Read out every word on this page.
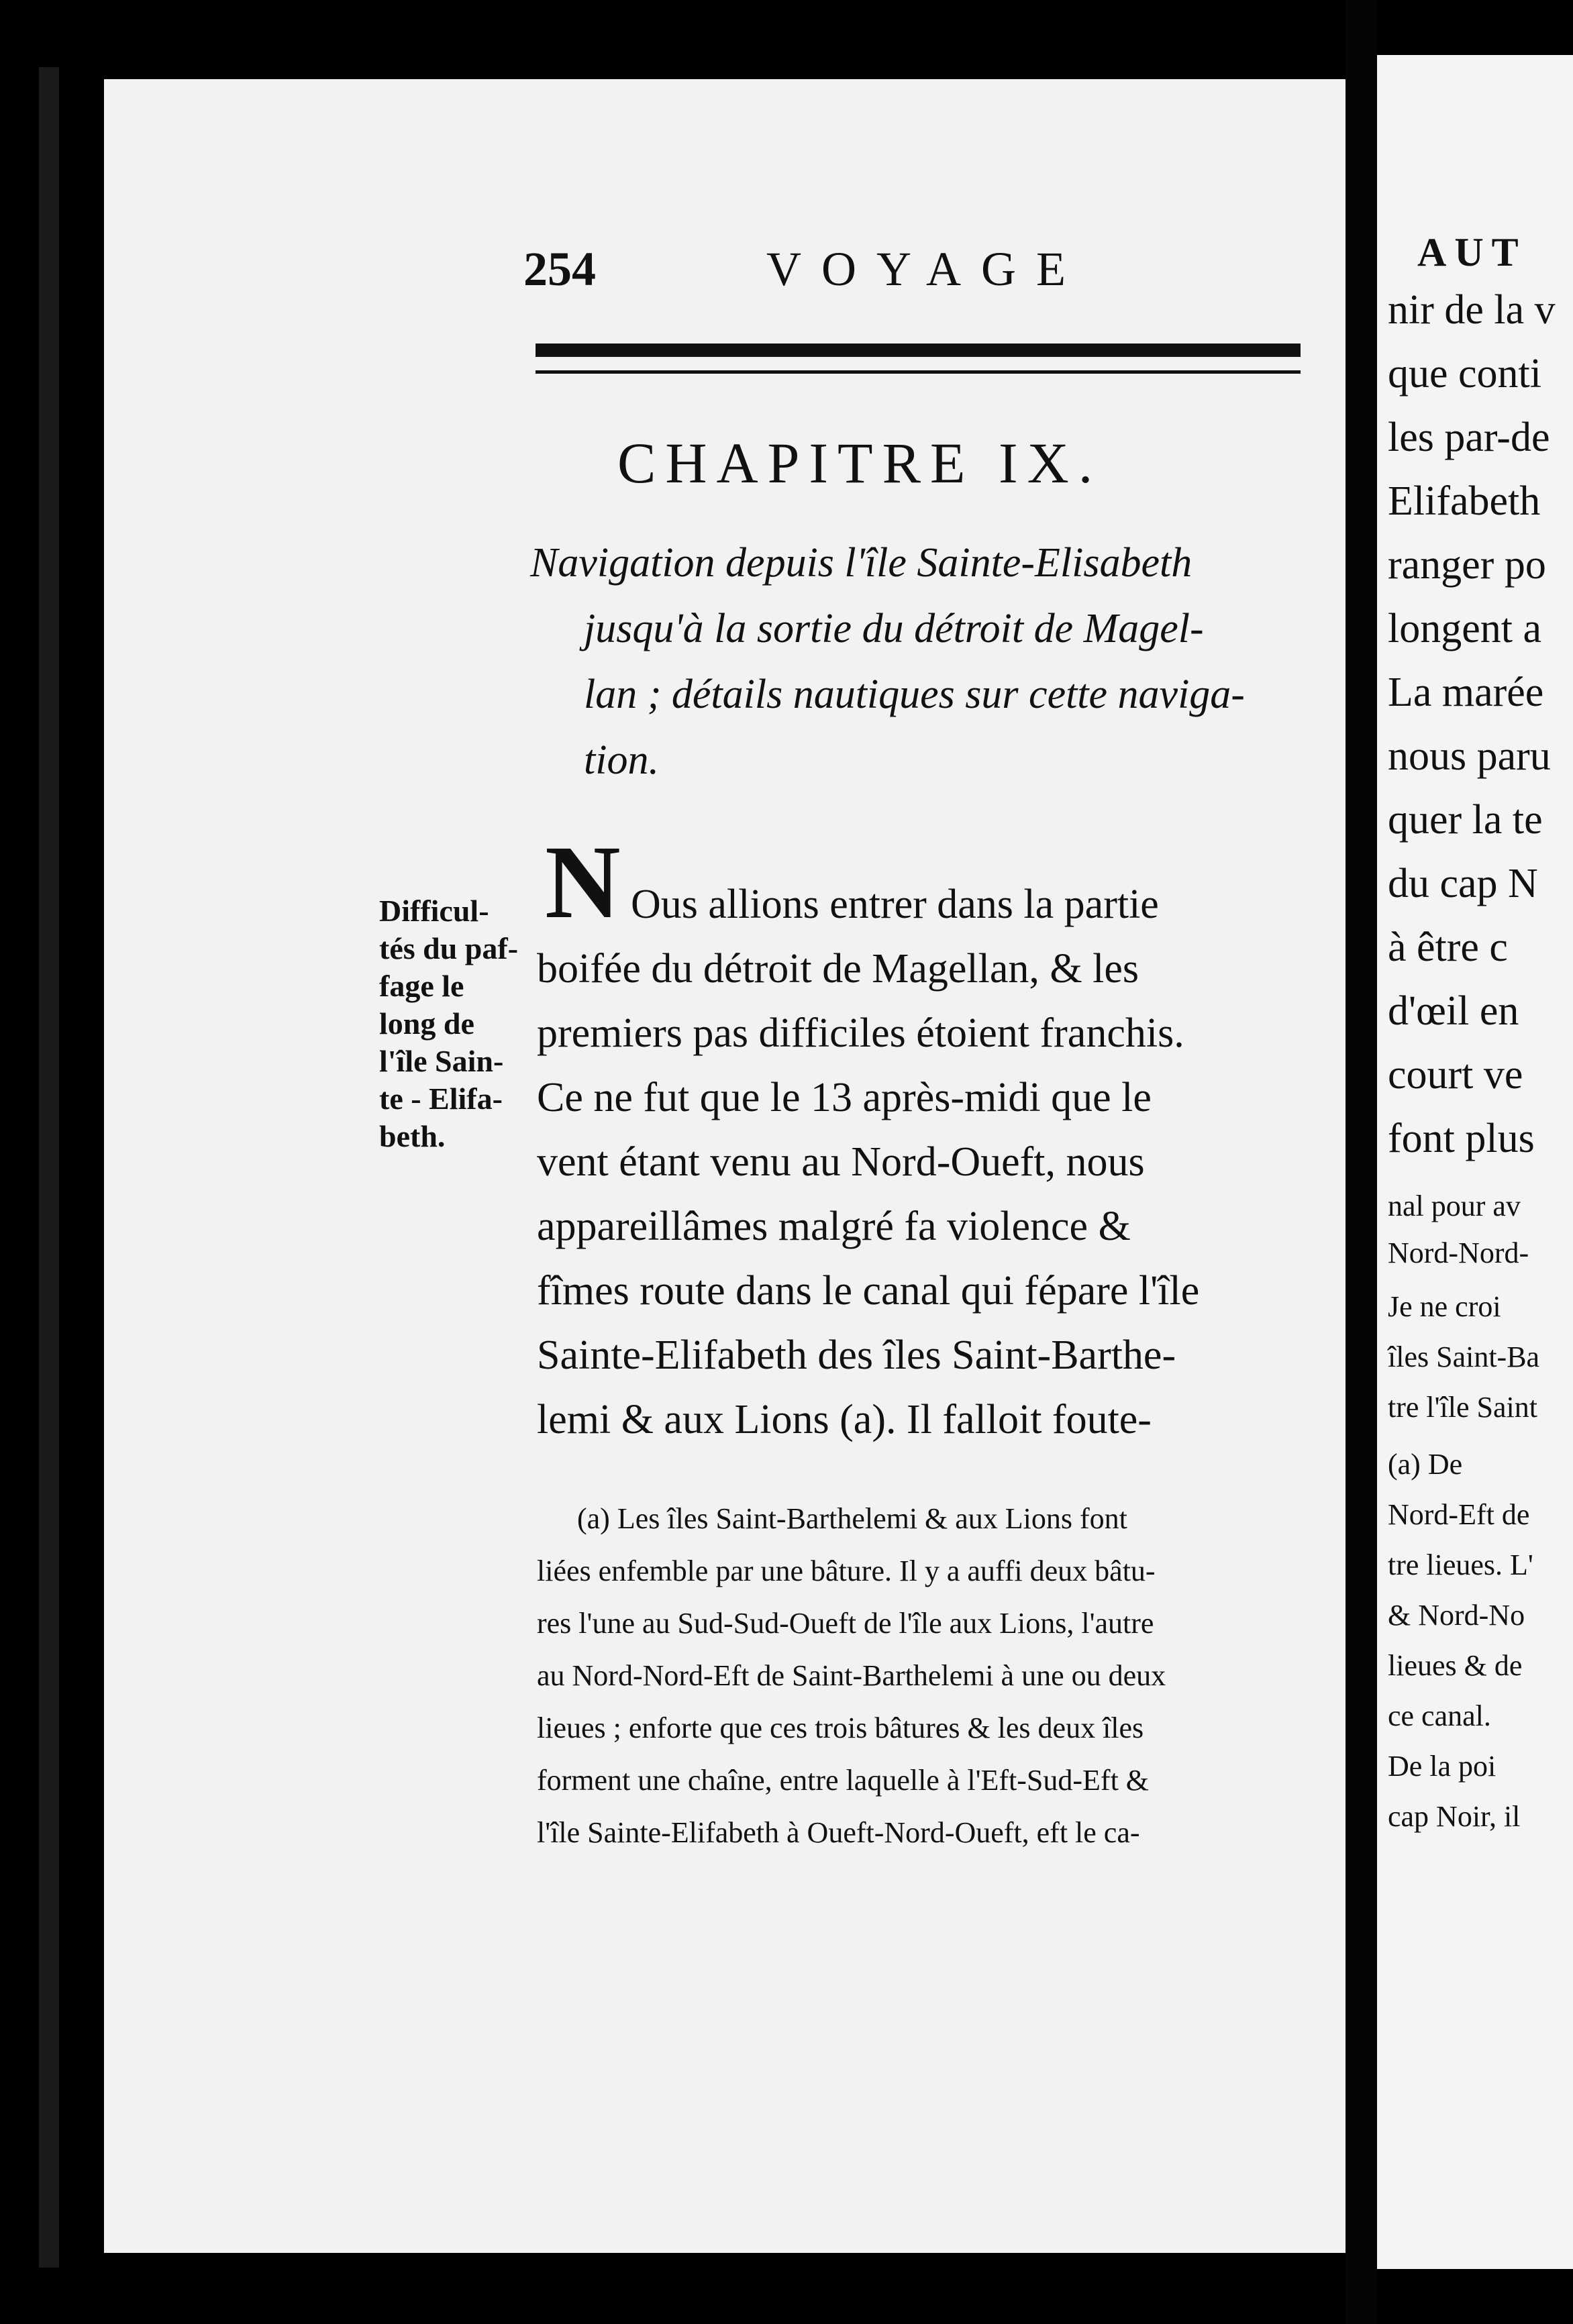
254	VOYAGE
CHAPITRE IX.
Navigation depuis l'île Sainte-Elisabeth
jusqu'à la sortie du détroit de Magel-
lan ; détails nautiques sur cette naviga-
tion.
Difficul-
tés du paf-
fage le
long de
l'île Sain-
te - Elifa-
beth.
N Ous allions entrer dans la partie
boifée du détroit de Magellan, & les
premiers pas difficiles étoient franchis.
Ce ne fut que le 13 après-midi que le
vent étant venu au Nord-Oueft, nous
appareillâmes malgré fa violence &
fîmes route dans le canal qui fépare l'île
Sainte-Elifabeth des îles Saint-Barthe-
lemi & aux Lions (a). Il falloit foute-
(a) Les îles Saint-Barthelemi & aux Lions font
liées enfemble par une bâture. Il y a auffi deux bâtu-
res l'une au Sud-Sud-Oueft de l'île aux Lions, l'autre
au Nord-Nord-Eft de Saint-Barthelemi à une ou deux
lieues ; enforte que ces trois bâtures & les deux îles
forment une chaîne, entre laquelle à l'Eft-Sud-Eft &
l'île Sainte-Elifabeth à Oueft-Nord-Oueft, eft le ca-
AUT
nir de la v
que conti
les par-de
Elifabeth
ranger po
longent a
La marée
nous paru
quer la te
du cap N
à être c
d'œil en
court ve
font plus
nal pour av
Nord-Nord-
Je ne croi
îles Saint-Ba
tre l'île Saint
(a) De
Nord-Eft de
tre lieues. L'
& Nord-No
lieues & de
ce canal.
De la poi
cap Noir, il
